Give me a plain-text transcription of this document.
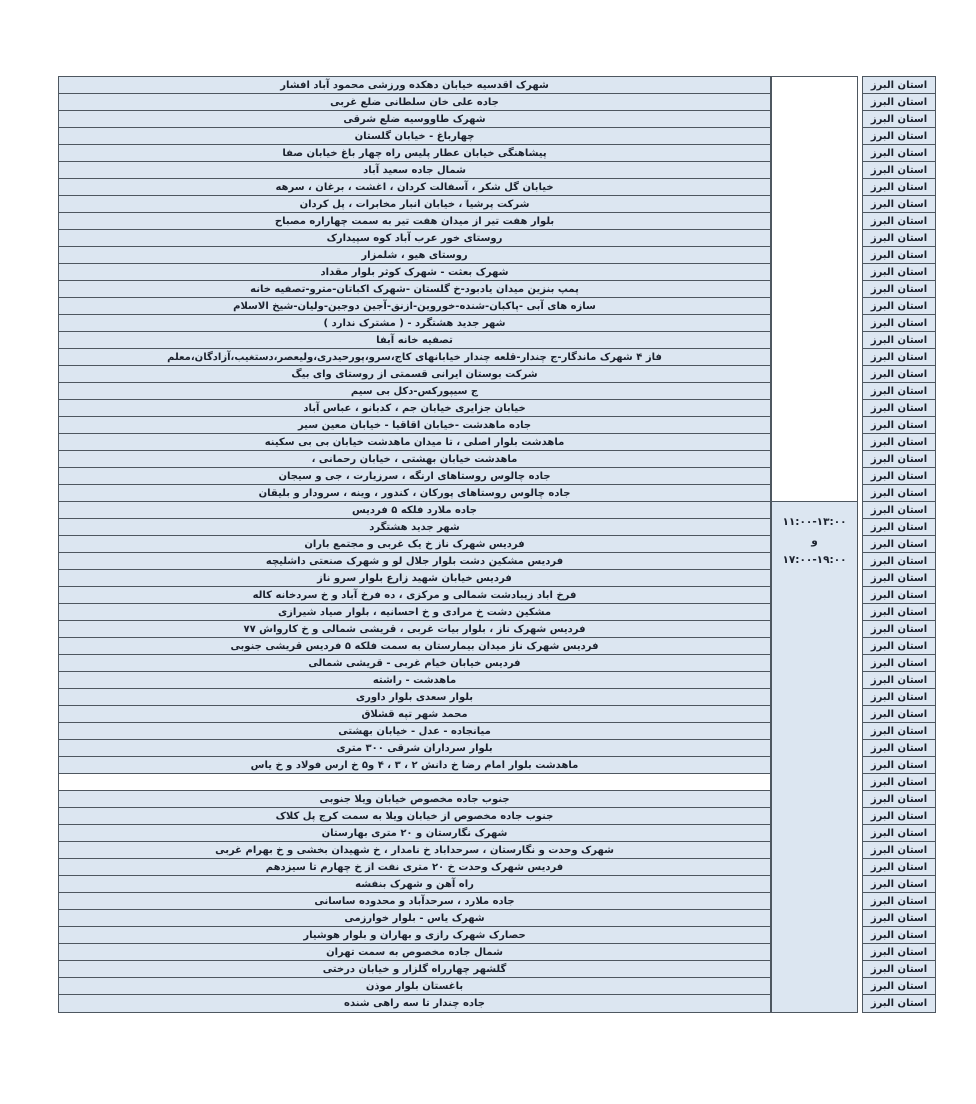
شهرک اقدسیه خیابان دهکده ورزشی محمود آباد افشار
جاده علی خان سلطانی ضلع غربی
شهرک طاووسیه ضلع شرقی
چهارباغ - خیابان گلستان
پیشاهنگی خیابان عطار پلیس راه چهار باغ خیابان صفا
شمال جاده سعید آباد
خیابان گل شکر ، آسفالت کردان ، اغشت ، برغان ، سرهه
شرکت پرشیا ، خیابان انبار مخابرات ، پل کردان
بلوار هفت تیر از میدان هفت تیر به سمت چهاراره مصباح
روستای خور عرب آباد کوه سپیدارک
روستای هیو ، شلمزار
شهرک بعثت - شهرک کوثر بلوار مقداد
پمپ بنزین میدان یادبود-خ گلستان -شهرک اکباتان-مترو-تصفیه خانه
سازه های آبی -پاکبان-شنده-خوروین-ازنق-آجین دوجین-ولیان-شیخ الاسلام
شهر جدید هشتگرد - ( مشترک ندارد )
تصفیه خانه آبفا
فاز ۴ شهرک ماندگار-ج چندار-قلعه چندار خیابانهای کاج،سرو،پورحیدری،ولیعصر،دستغیب،آزادگان،معلم
شرکت بوستان ایرانی قسمتی از روستای وای بیگ
ج سیپورکس-دکل بی سیم
خیابان جزایری خیابان جم ، کدبانو ، عباس آباد
جاده ماهدشت -خیابان اقاقیا - خیابان معین سیر
ماهدشت بلوار اصلی ، تا میدان ماهدشت خیابان بی بی سکینه
ماهدشت خیابان بهشتی ، خیابان رحمانی ،
جاده چالوس روستاهای ارنگه ، سرزیارت ، جی و سیجان
جاده چالوس روستاهای پورکان ، کندور ، وینه ، سرودار و بلیقان
جاده ملارد فلکه ۵ فردیس
شهر جدید هشتگرد
فردیس شهرک ناز خ یک غربی و مجتمع باران
فردیس مشکین دشت بلوار جلال لو و شهرک صنعتی داشلیچه
فردیس خیابان شهید زارع بلوار سرو ناز
فرخ اباد زیبادشت شمالی و مرکزی ، ده فرخ آباد و خ سردخانه کاله
مشکین دشت خ مرادی و خ احسانیه ، بلوار صیاد شیرازی
فردیس شهرک ناز ، بلوار بیات غربی ، قریشی شمالی و خ کارواش ۷۷
فردیس شهرک ناز میدان بیمارستان به سمت فلکه ۵ فردیس قریشی جنوبی
فردیس خیابان خیام غربی - قریشی شمالی
ماهدشت - راشته
بلوار سعدی بلوار داوری
محمد شهر تپه قشلاق
میانجاده - عدل - خیابان بهشتی
بلوار سرداران شرقی ۳۰۰ متری
ماهدشت بلوار امام رضا خ دانش ۲ ، ۳ ، ۴ و۵ خ ارس فولاد و خ یاس
جنوب جاده مخصوص خیابان ویلا جنوبی
جنوب جاده مخصوص از خیابان ویلا به سمت کرج پل کلاک
شهرک نگارستان و ۲۰ متری بهارستان
شهرک وحدت و نگارستان ، سرحداباد خ نامدار ، خ شهیدان بخشی و خ بهرام غربی
فردیس شهرک وحدت خ ۲۰ متری نفت از خ چهارم تا سیزدهم
راه آهن و شهرک بنفشه
جاده ملارد ، سرحدآباد و محدوده ساسانی
شهرک یاس - بلوار خوارزمی
حصارک شهرک رازی و بهاران و بلوار هوشیار
شمال جاده مخصوص به سمت تهران
گلشهر چهارراه گلزار و خیابان درختی
باغستان بلوار موذن
جاده چندار تا سه راهی شنده
۱۱:۰۰-۱۳:۰۰
و
۱۷:۰۰-۱۹:۰۰
استان البرز
استان البرز
استان البرز
استان البرز
استان البرز
استان البرز
استان البرز
استان البرز
استان البرز
استان البرز
استان البرز
استان البرز
استان البرز
استان البرز
استان البرز
استان البرز
استان البرز
استان البرز
استان البرز
استان البرز
استان البرز
استان البرز
استان البرز
استان البرز
استان البرز
استان البرز
استان البرز
استان البرز
استان البرز
استان البرز
استان البرز
استان البرز
استان البرز
استان البرز
استان البرز
استان البرز
استان البرز
استان البرز
استان البرز
استان البرز
استان البرز
استان البرز
استان البرز
استان البرز
استان البرز
استان البرز
استان البرز
استان البرز
استان البرز
استان البرز
استان البرز
استان البرز
استان البرز
استان البرز
استان البرز
